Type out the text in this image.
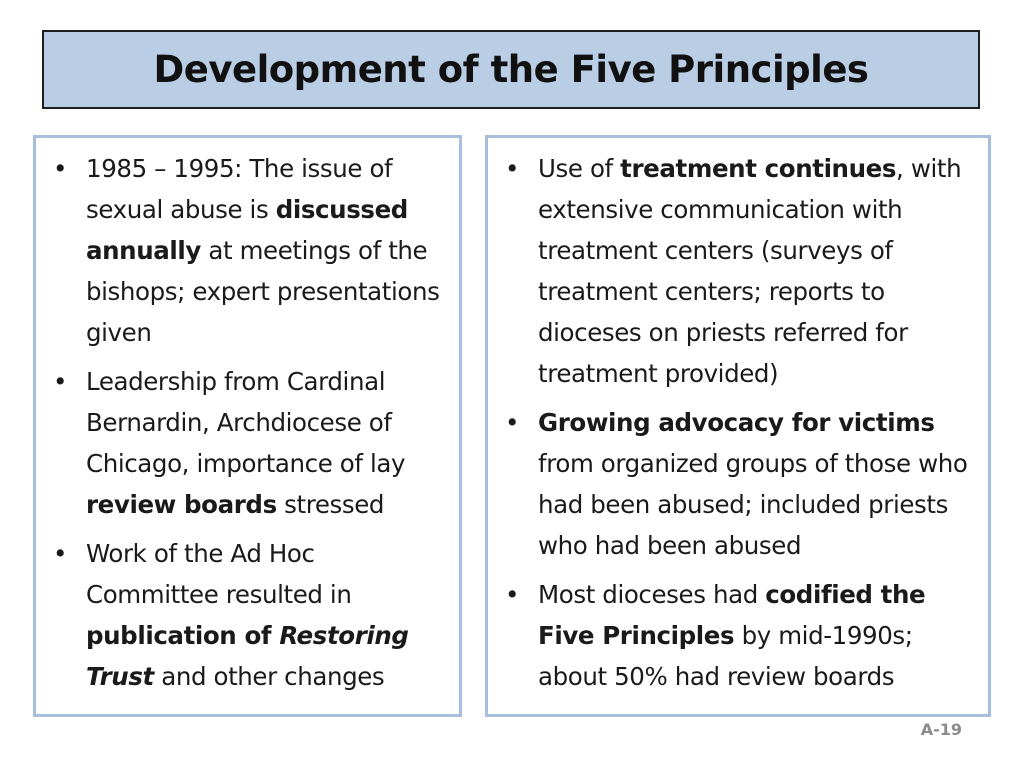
Development of the Five Principles
• 1985 – 1995: The issue of sexual abuse is discussed annually at meetings of the bishops; expert presentations given
• Leadership from Cardinal Bernardin, Archdiocese of Chicago, importance of lay review boards stressed
• Work of the Ad Hoc Committee resulted in publication of Restoring Trust and other changes
• Use of treatment continues, with extensive communication with treatment centers (surveys of treatment centers; reports to dioceses on priests referred for treatment provided)
• Growing advocacy for victims from organized groups of those who had been abused; included priests who had been abused
• Most dioceses had codified the Five Principles by mid-1990s; about 50% had review boards
A-19
